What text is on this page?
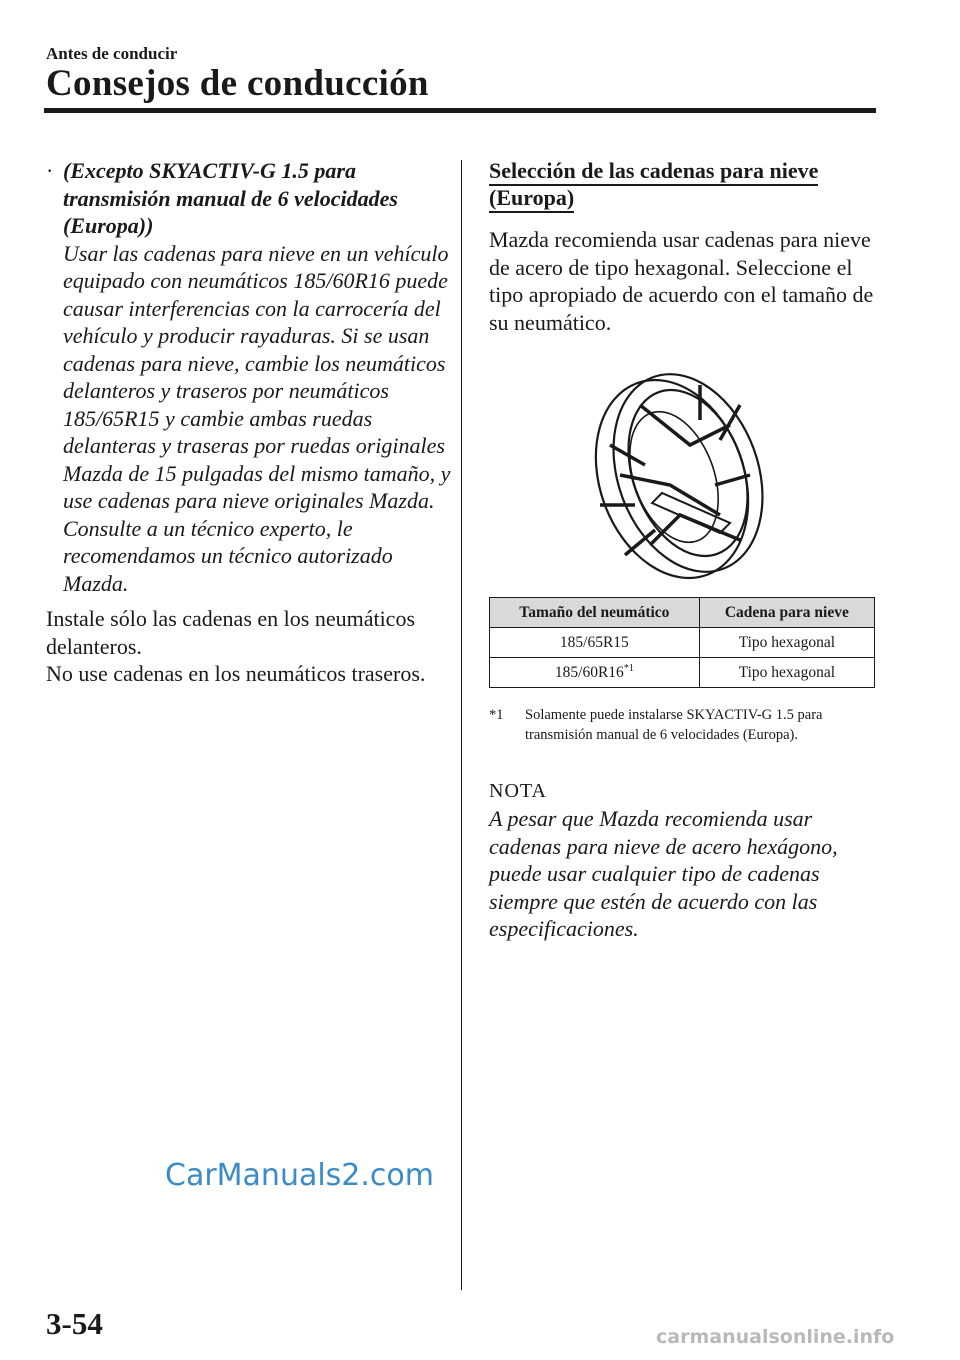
Antes de conducir
Consejos de conducción
· (Excepto SKYACTIV-G 1.5 para transmisión manual de 6 velocidades (Europa))
Usar las cadenas para nieve en un vehículo equipado con neumáticos 185/60R16 puede causar interferencias con la carrocería del vehículo y producir rayaduras. Si se usan cadenas para nieve, cambie los neumáticos delanteros y traseros por neumáticos 185/65R15 y cambie ambas ruedas delanteras y traseras por ruedas originales Mazda de 15 pulgadas del mismo tamaño, y use cadenas para nieve originales Mazda. Consulte a un técnico experto, le recomendamos un técnico autorizado Mazda.
Instale sólo las cadenas en los neumáticos delanteros.
No use cadenas en los neumáticos traseros.
Selección de las cadenas para nieve (Europa)
Mazda recomienda usar cadenas para nieve de acero de tipo hexagonal. Seleccione el tipo apropiado de acuerdo con el tamaño de su neumático.
Tamaño del neumático	Cadena para nieve
185/65R15	Tipo hexagonal
185/60R16$^{*1}$	Tipo hexagonal
*1	Solamente puede instalarse SKYACTIV-G 1.5 para transmisión manual de 6 velocidades (Europa).
NOTA
A pesar que Mazda recomienda usar cadenas para nieve de acero hexágono, puede usar cualquier tipo de cadenas siempre que estén de acuerdo con las especificaciones.
CarManuals2.com
3-54	carmanualsonline.info
